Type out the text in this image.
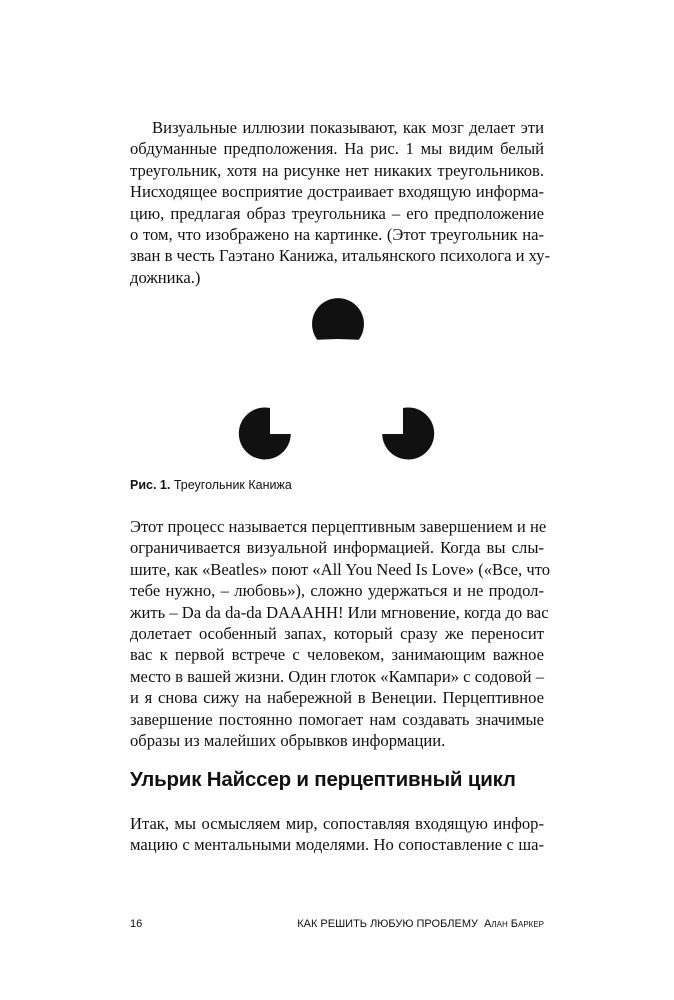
Визуальные иллюзии показывают, как мозг делает эти
обдуманные предположения. На рис. 1 мы видим белый
треугольник, хотя на рисунке нет никаких треугольников.
Нисходящее восприятие достраивает входящую информа-
цию, предлагая образ треугольника – его предположение
о том, что изображено на картинке. (Этот треугольник на-
зван в честь Гаэтано Канижа, итальянского психолога и ху-
дожника.)

Рис. 1. Треугольник Канижа

Этот процесс называется перцептивным завершением и не
ограничивается визуальной информацией. Когда вы слы-
шите, как «Beatles» поют «All You Need Is Love» («Все, что
тебе нужно, – любовь»), сложно удержаться и не продол-
жить – Da da da-da DAAAHH! Или мгновение, когда до вас
долетает особенный запах, который сразу же переносит
вас к первой встрече с человеком, занимающим важное
место в вашей жизни. Один глоток «Кампари» с содовой –
и я снова сижу на набережной в Венеции. Перцептивное
завершение постоянно помогает нам создавать значимые
образы из малейших обрывков информации.

Ульрик Найссер и перцептивный цикл

Итак, мы осмысляем мир, сопоставляя входящую инфор-
мацию с ментальными моделями. Но сопоставление с ша-

16	КАК РЕШИТЬ ЛЮБУЮ ПРОБЛЕМУ Алан Баркер
